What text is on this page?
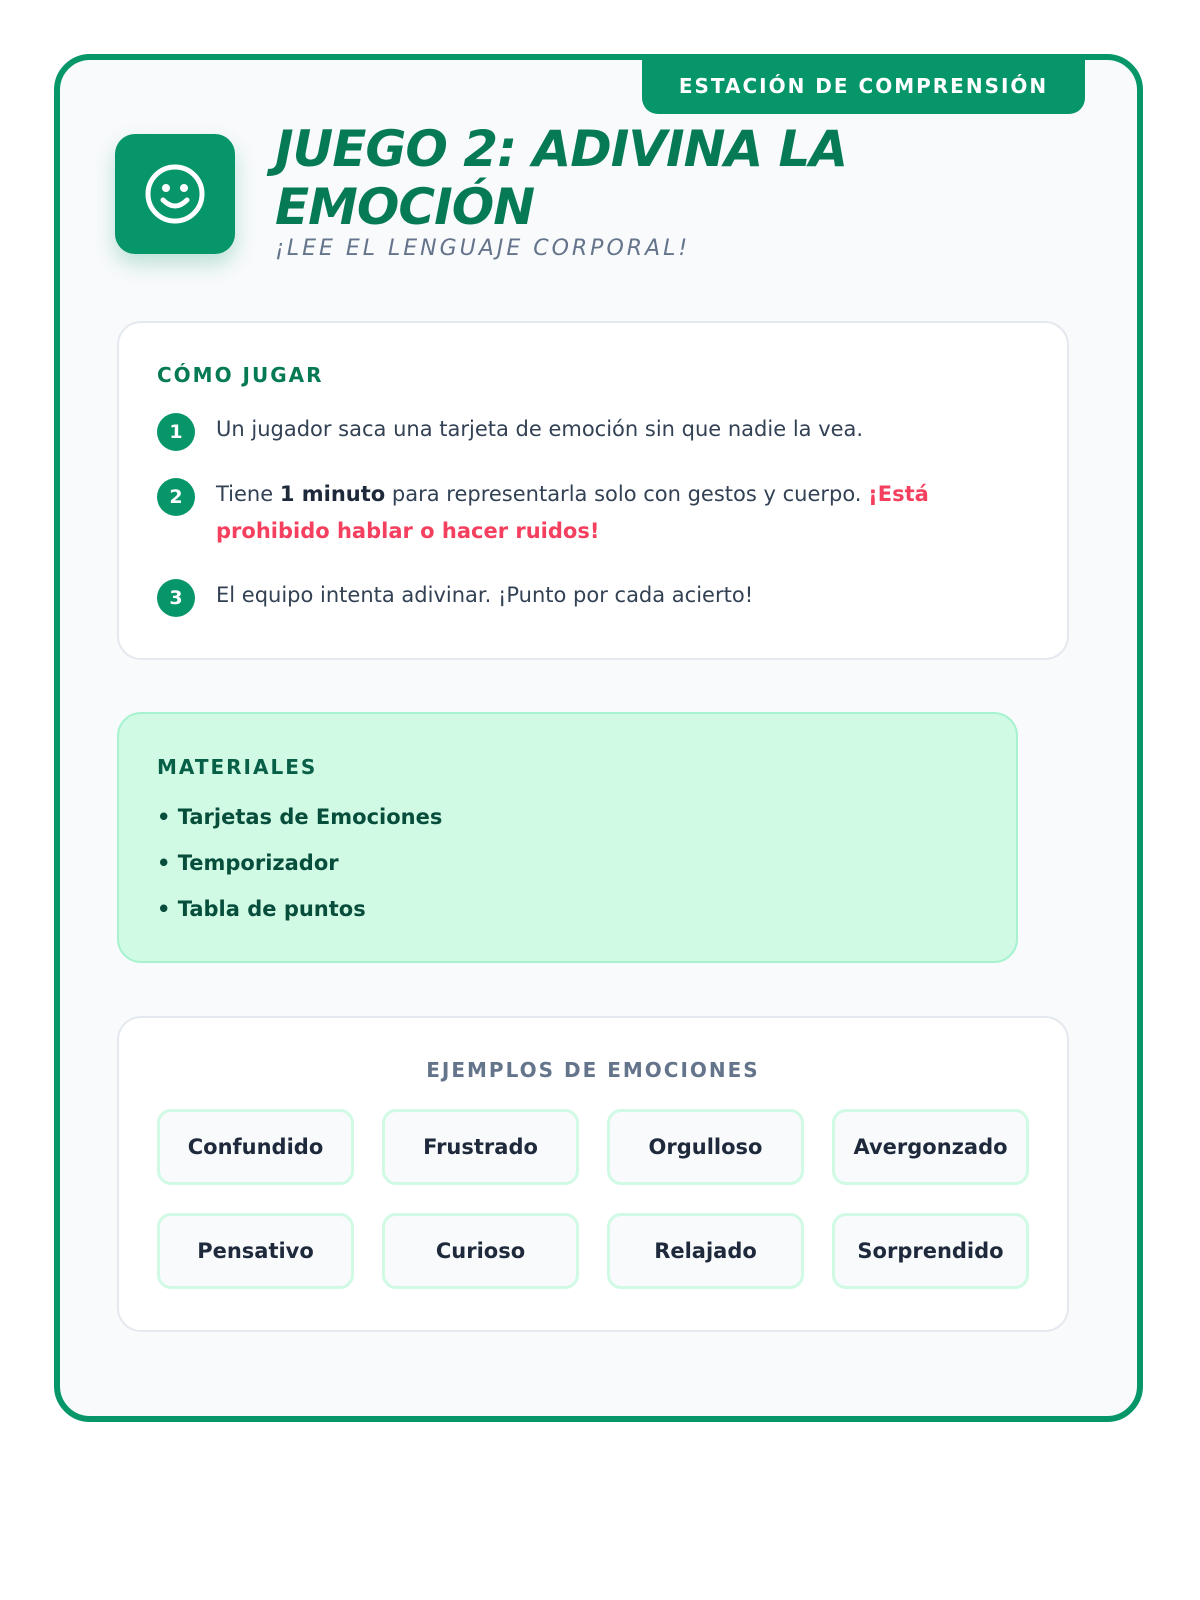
ESTACIÓN DE COMPRENSIÓN
JUEGO 2: ADIVINA LA EMOCIÓN
¡LEE EL LENGUAJE CORPORAL!
CÓMO JUGAR
1	Un jugador saca una tarjeta de emoción sin que nadie la vea.
2	Tiene 1 minuto para representarla solo con gestos y cuerpo. ¡Está prohibido hablar o hacer ruidos!
3	El equipo intenta adivinar. ¡Punto por cada acierto!
MATERIALES
• Tarjetas de Emociones
• Temporizador
• Tabla de puntos
EJEMPLOS DE EMOCIONES
Confundido	Frustrado	Orgulloso	Avergonzado
Pensativo	Curioso	Relajado	Sorprendido
